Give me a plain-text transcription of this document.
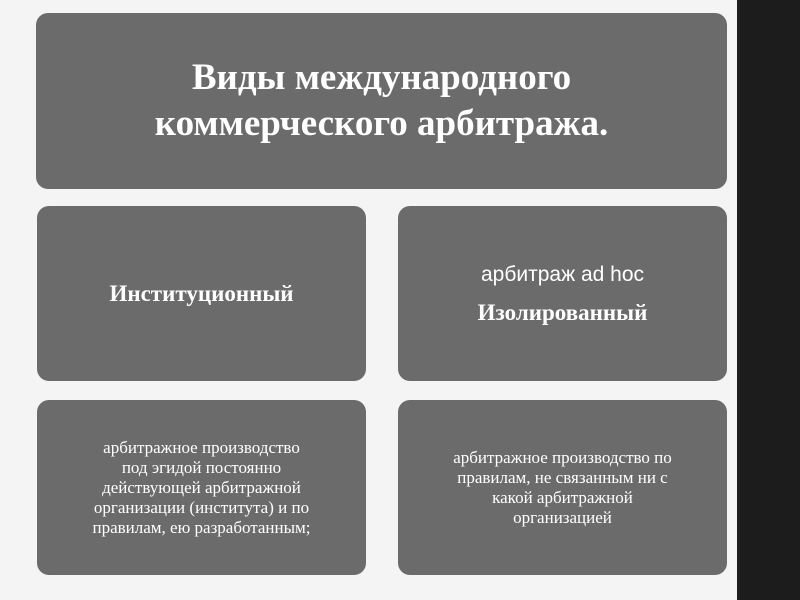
Виды международного
коммерческого арбитража.
Институционный
арбитраж ad hoc
Изолированный
арбитражное производство
под эгидой постоянно
действующей арбитражной
организации (института) и по
правилам, ею разработанным;
арбитражное производство по
правилам, не связанным ни с
какой арбитражной
организацией
